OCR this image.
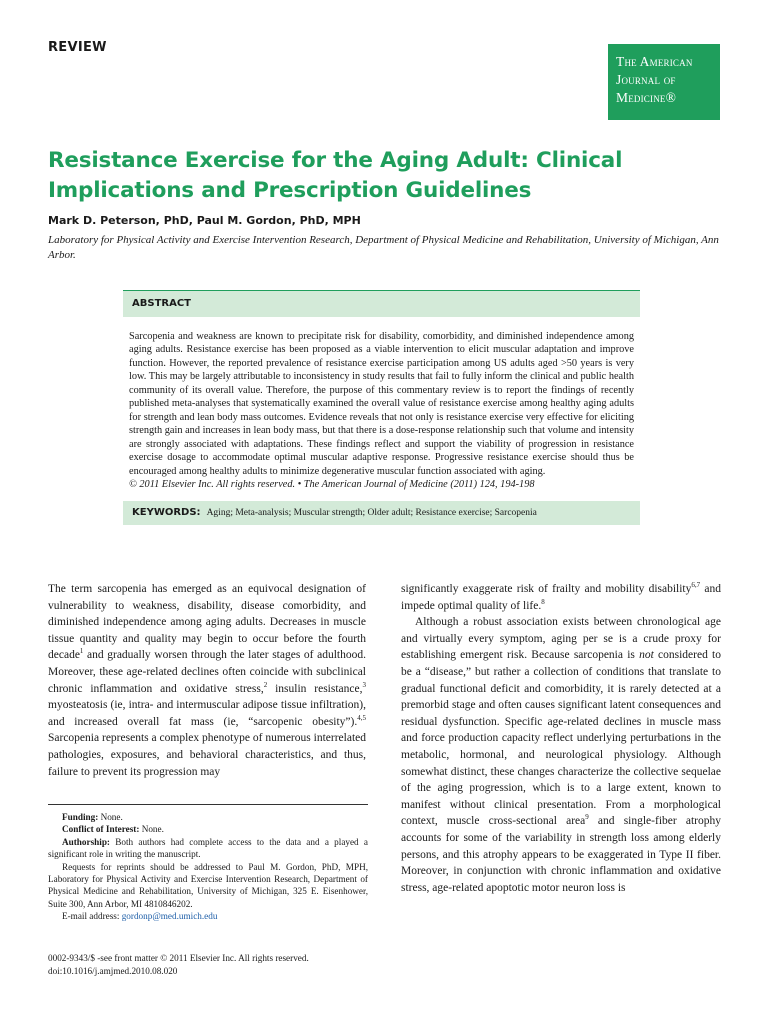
REVIEW
The American
Journal of
Medicine®
Resistance Exercise for the Aging Adult: Clinical Implications and Prescription Guidelines
Mark D. Peterson, PhD, Paul M. Gordon, PhD, MPH
Laboratory for Physical Activity and Exercise Intervention Research, Department of Physical Medicine and Rehabilitation, University of Michigan, Ann Arbor.
ABSTRACT
Sarcopenia and weakness are known to precipitate risk for disability, comorbidity, and diminished independence among aging adults. Resistance exercise has been proposed as a viable intervention to elicit muscular adaptation and improve function. However, the reported prevalence of resistance exercise participation among US adults aged >50 years is very low. This may be largely attributable to inconsistency in study results that fail to fully inform the clinical and public health community of its overall value. Therefore, the purpose of this commentary review is to report the findings of recently published meta-analyses that systematically examined the overall value of resistance exercise among healthy aging adults for strength and lean body mass outcomes. Evidence reveals that not only is resistance exercise very effective for eliciting strength gain and increases in lean body mass, but that there is a dose-response relationship such that volume and intensity are strongly associated with adaptations. These findings reflect and support the viability of progression in resistance exercise dosage to accommodate optimal muscular adaptive response. Progressive resistance exercise should thus be encouraged among healthy adults to minimize degenerative muscular function associated with aging.
© 2011 Elsevier Inc. All rights reserved. • The American Journal of Medicine (2011) 124, 194-198
KEYWORDS: Aging; Meta-analysis; Muscular strength; Older adult; Resistance exercise; Sarcopenia

The term sarcopenia has emerged as an equivocal designation of vulnerability to weakness, disability, disease comorbidity, and diminished independence among aging adults. Decreases in muscle tissue quantity and quality may begin to occur before the fourth decade$^1$ and gradually worsen through the later stages of adulthood. Moreover, these age-related declines often coincide with subclinical chronic inflammation and oxidative stress,$^2$ insulin resistance,$^3$ myosteatosis (ie, intra- and intermuscular adipose tissue infiltration), and increased overall fat mass (ie, “sarcopenic obesity”).$^{4,5}$ Sarcopenia represents a complex phenotype of numerous interrelated pathologies, exposures, and behavioral characteristics, and thus, failure to prevent its progression may

Funding: None.

Conflict of Interest: None.

Authorship: Both authors had complete access to the data and a played a significant role in writing the manuscript.

Requests for reprints should be addressed to Paul M. Gordon, PhD, MPH, Laboratory for Physical Activity and Exercise Intervention Research, Department of Physical Medicine and Rehabilitation, University of Michigan, 325 E. Eisenhower, Suite 300, Ann Arbor, MI 4810846202.

E-mail address: gordonp@med.umich.edu

0002-9343/$ -see front matter © 2011 Elsevier Inc. All rights reserved.
doi:10.1016/j.amjmed.2010.08.020

significantly exaggerate risk of frailty and mobility disability$^{6,7}$ and impede optimal quality of life.$^8$

Although a robust association exists between chronological age and virtually every symptom, aging per se is a crude proxy for establishing emergent risk. Because sarcopenia is not considered to be a “disease,” but rather a collection of conditions that translate to gradual functional deficit and comorbidity, it is rarely detected at a premorbid stage and often causes significant latent consequences and residual dysfunction. Specific age-related declines in muscle mass and force production capacity reflect underlying perturbations in the metabolic, hormonal, and neurological physiology. Although somewhat distinct, these changes characterize the collective sequelae of the aging progression, which is to a large extent, known to manifest without clinical presentation. From a morphological context, muscle cross-sectional area$^9$ and single-fiber atrophy accounts for some of the variability in strength loss among elderly persons, and this atrophy appears to be exaggerated in Type II fiber. Moreover, in conjunction with chronic inflammation and oxidative stress, age-related apoptotic motor neuron loss is
